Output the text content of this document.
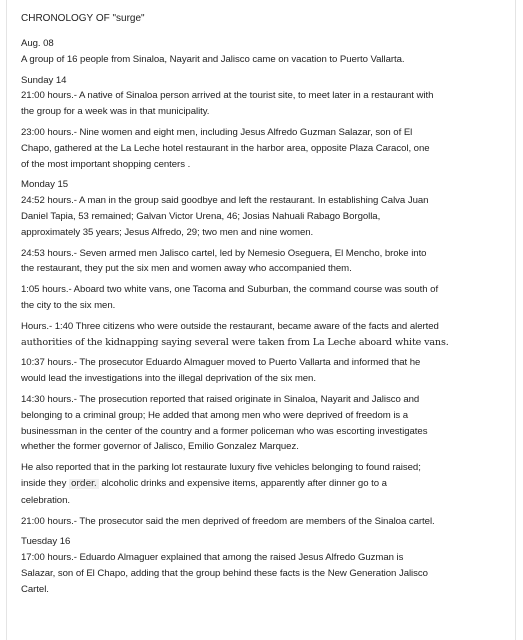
CHRONOLOGY OF "surge"
Aug. 08
A group of 16 people from Sinaloa, Nayarit and Jalisco came on vacation to Puerto Vallarta.
Sunday 14
21:00 hours.- A native of Sinaloa person arrived at the tourist site, to meet later in a restaurant with
the group for a week was in that municipality.
23:00 hours.- Nine women and eight men, including Jesus Alfredo Guzman Salazar, son of El
Chapo, gathered at the La Leche hotel restaurant in the harbor area, opposite Plaza Caracol, one
of the most important shopping centers .
Monday 15
24:52 hours.- A man in the group said goodbye and left the restaurant. In establishing Calva Juan
Daniel Tapia, 53 remained; Galvan Victor Urena, 46; Josias Nahuali Rabago Borgolla,
approximately 35 years; Jesus Alfredo, 29; two men and nine women.
24:53 hours.- Seven armed men Jalisco cartel, led by Nemesio Oseguera, El Mencho, broke into
the restaurant, they put the six men and women away who accompanied them.
1:05 hours.- Aboard two white vans, one Tacoma and Suburban, the command course was south of
the city to the six men.
Hours.- 1:40 Three citizens who were outside the restaurant, became aware of the facts and alerted
authorities of the kidnapping saying several were taken from La Leche aboard white vans.
10:37 hours.- The prosecutor Eduardo Almaguer moved to Puerto Vallarta and informed that he
would lead the investigations into the illegal deprivation of the six men.
14:30 hours.- The prosecution reported that raised originate in Sinaloa, Nayarit and Jalisco and
belonging to a criminal group; He added that among men who were deprived of freedom is a
businessman in the center of the country and a former policeman who was escorting investigates
whether the former governor of Jalisco, Emilio Gonzalez Marquez.
He also reported that in the parking lot restaurate luxury five vehicles belonging to found raised;
inside they order. alcoholic drinks and expensive items, apparently after dinner go to a
celebration.
21:00 hours.- The prosecutor said the men deprived of freedom are members of the Sinaloa cartel.
Tuesday 16
17:00 hours.- Eduardo Almaguer explained that among the raised Jesus Alfredo Guzman is
Salazar, son of El Chapo, adding that the group behind these facts is the New Generation Jalisco
Cartel.
